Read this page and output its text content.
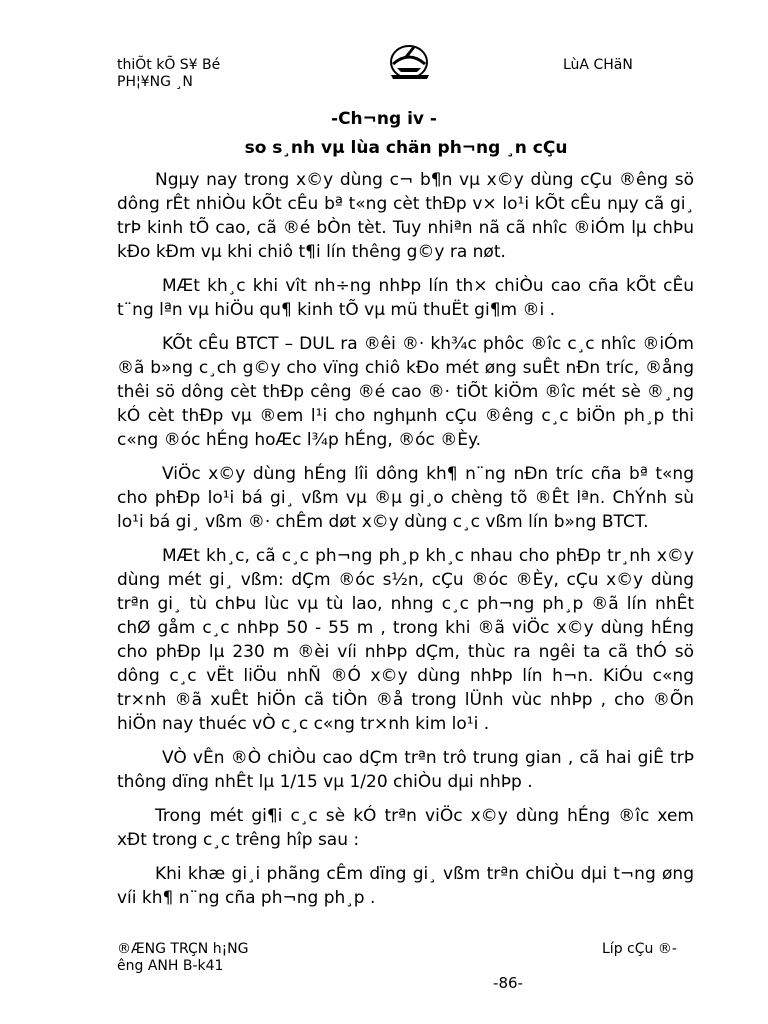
thiÕt kÕ S¥ Bé
PH¦¥NG ¸N
LùA CHäN
-Ch¬ng iv -
so s¸nh vµ lùa chän ph¬ng ¸n cÇu

Ngµy nay trong x©y dùng c¬ b¶n vµ x©y dùng cÇu ®êng sö dông rÊt nhiÒu kÕt cÊu bª t«ng cèt thÐp v× lo¹i kÕt cÊu nµy cã gi¸ trÞ kinh tÕ cao, cã ®é bÒn tèt. Tuy nhiªn nã cã nhîc ®iÓm lµ chÞu kÐo kÐm vµ khi chiô t¶i lín thêng g©y ra nøt.

MÆt kh¸c khi vît nh÷ng nhÞp lín th× chiÒu cao cña kÕt cÊu t¨ng lªn vµ hiÖu qu¶ kinh tÕ vµ mü thuËt gi¶m ®i .

KÕt cÊu BTCT – DUL ra ®êi ®· kh¾c phôc ®îc c¸c nhîc ®iÓm ®ã b»ng c¸ch g©y cho vïng chiô kÐo mét øng suÊt nÐn tríc, ®ång thêi sö dông cèt thÐp cêng ®é cao ®· tiÕt kiÖm ®îc mét sè ®¸ng kÓ cèt thÐp vµ ®em l¹i cho nghµnh cÇu ®êng c¸c biÖn ph¸p thi c«ng ®óc hÉng hoÆc l¾p hÉng, ®óc ®Èy.

ViÖc x©y dùng hÉng lîi dông kh¶ n¨ng nÐn tríc cña bª t«ng cho phÐp lo¹i bá gi¸ vßm vµ ®µ gi¸o chèng tõ ®Êt lªn. ChÝnh sù lo¹i bá gi¸ vßm ®· chÊm døt x©y dùng c¸c vßm lín b»ng BTCT.

MÆt kh¸c, cã c¸c ph¬ng ph¸p kh¸c nhau cho phÐp tr¸nh x©y dùng mét gi¸ vßm: dÇm ®óc s½n, cÇu ®óc ®Èy, cÇu x©y dùng trªn gi¸ tù chÞu lùc vµ tù lao, nhng c¸c ph¬ng ph¸p ®ã lín nhÊt chØ gåm c¸c nhÞp 50 - 55 m , trong khi ®ã viÖc x©y dùng hÉng cho phÐp lµ 230 m ®èi víi nhÞp dÇm, thùc ra ngêi ta cã thÓ sö dông c¸c vËt liÖu nhÑ ®Ó x©y dùng nhÞp lín h¬n. KiÓu c«ng tr×nh ®ã xuÊt hiÖn cã tiÒn ®å trong lÜnh vùc nhÞp , cho ®Õn hiÖn nay thuéc vÒ c¸c c«ng tr×nh kim lo¹i .

VÒ vÊn ®Ò chiÒu cao dÇm trªn trô trung gian , cã hai giÊ trÞ thông dïng nhÊt lµ 1/15 vµ 1/20 chiÒu dµi nhÞp .

Trong mét gi¶i c¸c sè kÓ trªn viÖc x©y dùng hÉng ®îc xem xÐt trong c¸c trêng hîp sau :

Khi khæ gi¸i phãng cÊm dïng gi¸ vßm trªn chiÒu dµi t¬ng øng víi kh¶ n¨ng cña ph¬ng ph¸p .

®ÆNG TRÇN h¡NG
êng ANH B-k41
Líp cÇu ®-
-86-
